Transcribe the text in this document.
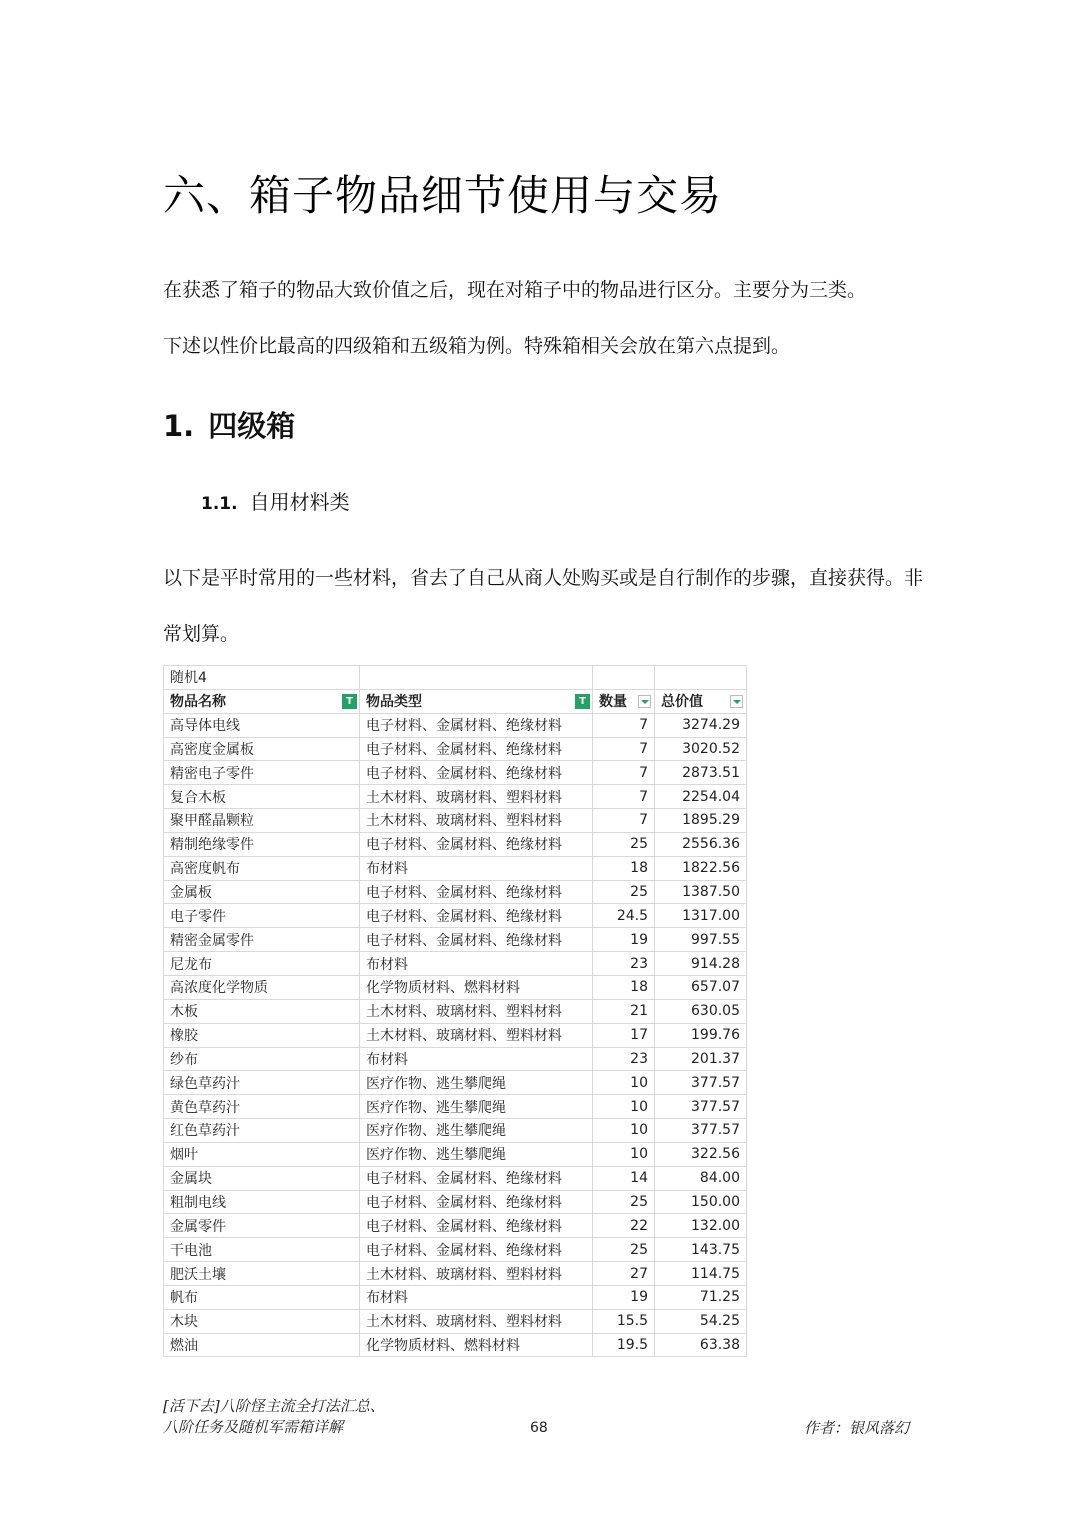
六、箱子物品细节使用与交易
在获悉了箱子的物品大致价值之后，现在对箱子中的物品进行区分。主要分为三类。
下述以性价比最高的四级箱和五级箱为例。特殊箱相关会放在第六点提到。
1. 四级箱
1.1. 自用材料类
以下是平时常用的一些材料，省去了自己从商人处购买或是自行制作的步骤，直接获得。非
常划算。
随机4			
物品名称 T	物品类型 T	数量	总价值

高导体电线	电子材料、金属材料、绝缘材料	7	3274.29
高密度金属板	电子材料、金属材料、绝缘材料	7	3020.52
精密电子零件	电子材料、金属材料、绝缘材料	7	2873.51
复合木板	土木材料、玻璃材料、塑料材料	7	2254.04
聚甲醛晶颗粒	土木材料、玻璃材料、塑料材料	7	1895.29
精制绝缘零件	电子材料、金属材料、绝缘材料	25	2556.36
高密度帆布	布材料	18	1822.56
金属板	电子材料、金属材料、绝缘材料	25	1387.50
电子零件	电子材料、金属材料、绝缘材料	24.5	1317.00
精密金属零件	电子材料、金属材料、绝缘材料	19	997.55
尼龙布	布材料	23	914.28
高浓度化学物质	化学物质材料、燃料材料	18	657.07
木板	土木材料、玻璃材料、塑料材料	21	630.05
橡胶	土木材料、玻璃材料、塑料材料	17	199.76
纱布	布材料	23	201.37
绿色草药汁	医疗作物、逃生攀爬绳	10	377.57
黄色草药汁	医疗作物、逃生攀爬绳	10	377.57
红色草药汁	医疗作物、逃生攀爬绳	10	377.57
烟叶	医疗作物、逃生攀爬绳	10	322.56
金属块	电子材料、金属材料、绝缘材料	14	84.00
粗制电线	电子材料、金属材料、绝缘材料	25	150.00
金属零件	电子材料、金属材料、绝缘材料	22	132.00
干电池	电子材料、金属材料、绝缘材料	25	143.75
肥沃土壤	土木材料、玻璃材料、塑料材料	27	114.75
帆布	布材料	19	71.25
木块	土木材料、玻璃材料、塑料材料	15.5	54.25
燃油	化学物质材料、燃料材料	19.5	63.38
[活下去]八阶怪主流全打法汇总、
八阶任务及随机军需箱详解	68	作者：银风落幻
